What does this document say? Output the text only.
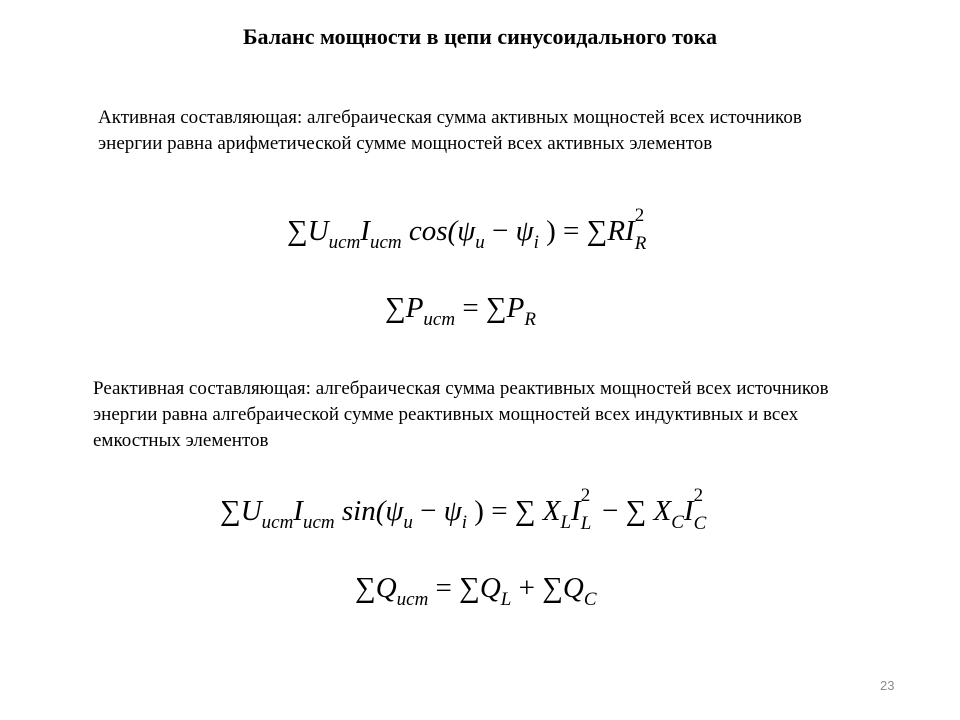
Баланс мощности в цепи синусоидального тока
Активная составляющая: алгебраическая сумма активных мощностей всех источников энергии равна арифметической сумме мощностей всех активных элементов
$\sum U_{ист}I_{ист}$ $\cos(\psi_u - \psi_i$ ) = ∑RI 2
R
$\sum P_{ист} = \sum P_R$
Реактивная составляющая: алгебраическая сумма реактивных мощностей всех источников энергии равна алгебраической сумме реактивных мощностей всех индуктивных и всех емкостных элементов
$\sum U_{ист}I_{ист}$ $\sin(\psi_u - \psi_i$ ) = ∑ $X_LI$ 2
L − ∑ $X_CI$ 2
C
$\sum Q_{ист} = \sum Q_L + \sum Q_C$
23
